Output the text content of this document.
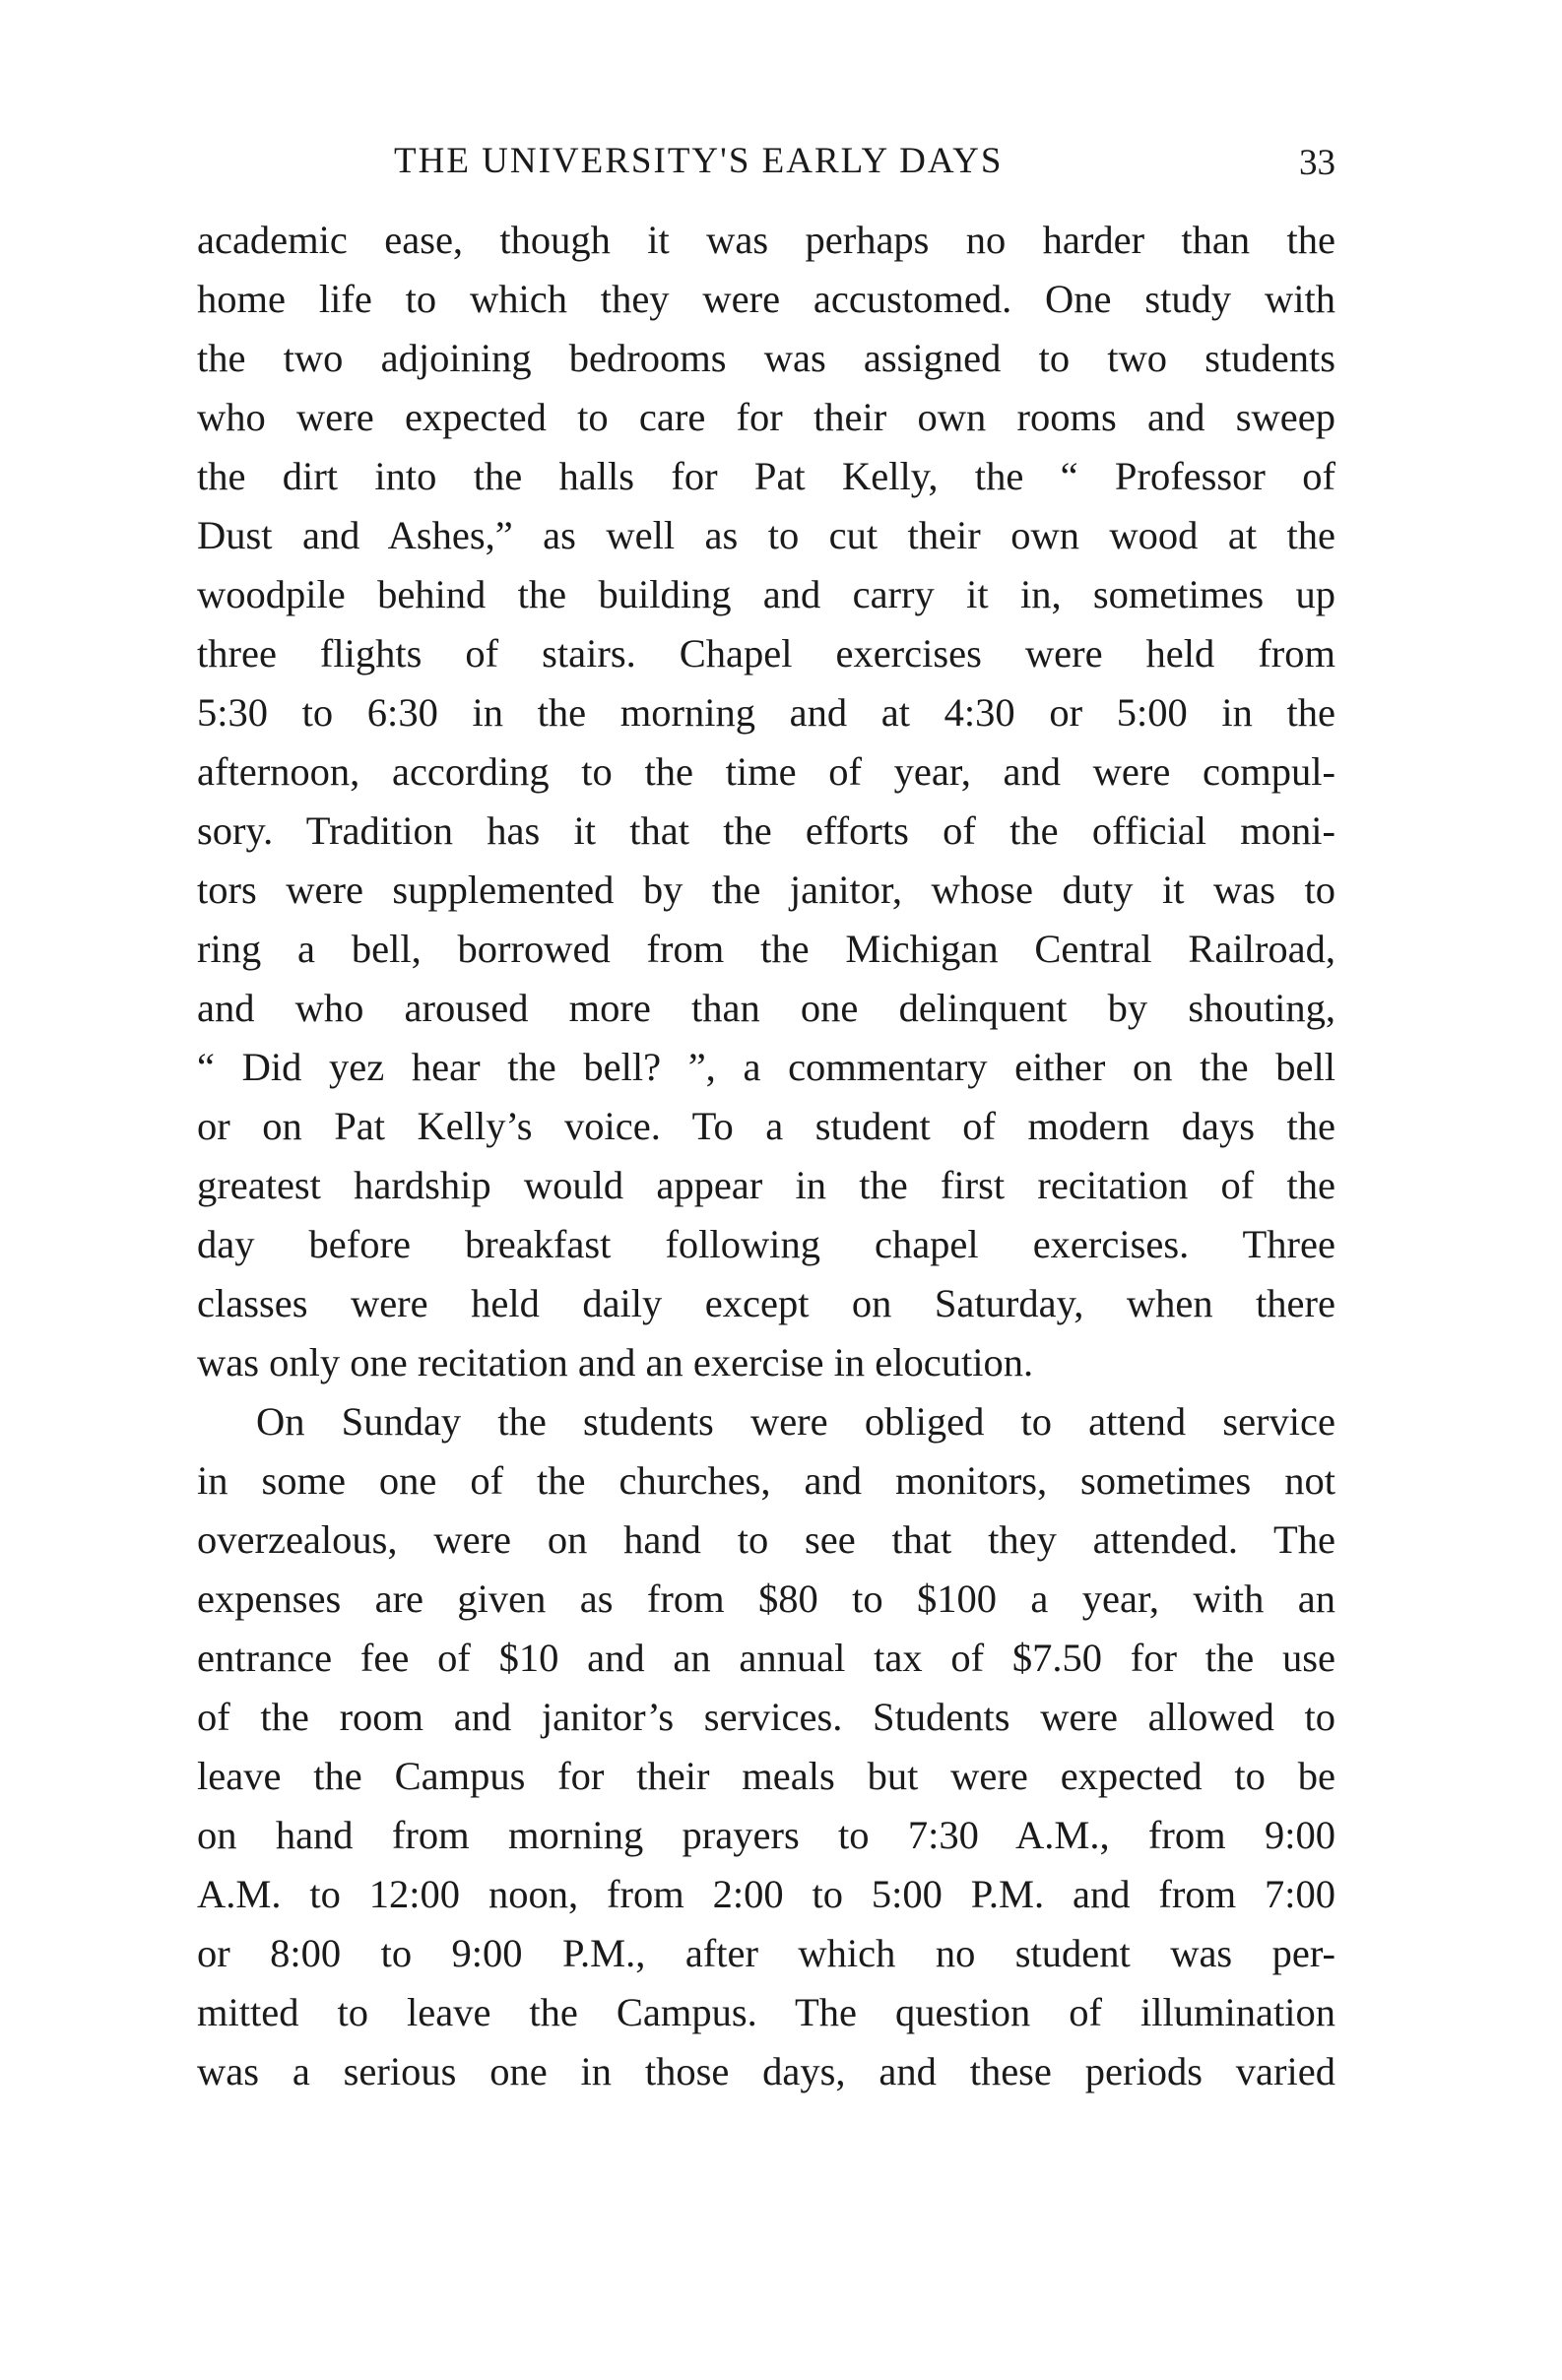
THE UNIVERSITY'S EARLY DAYS	33
academic ease, though it was perhaps no harder than the
home life to which they were accustomed. One study with
the two adjoining bedrooms was assigned to two students
who were expected to care for their own rooms and sweep
the dirt into the halls for Pat Kelly, the “ Professor of
Dust and Ashes,” as well as to cut their own wood at the
woodpile behind the building and carry it in, sometimes up
three flights of stairs. Chapel exercises were held from
5:30 to 6:30 in the morning and at 4:30 or 5:00 in the
afternoon, according to the time of year, and were compul-
sory. Tradition has it that the efforts of the official moni-
tors were supplemented by the janitor, whose duty it was to
ring a bell, borrowed from the Michigan Central Railroad,
and who aroused more than one delinquent by shouting,
“ Did yez hear the bell? ”, a commentary either on the bell
or on Pat Kelly’s voice. To a student of modern days the
greatest hardship would appear in the first recitation of the
day before breakfast following chapel exercises. Three
classes were held daily except on Saturday, when there
was only one recitation and an exercise in elocution.
On Sunday the students were obliged to attend service
in some one of the churches, and monitors, sometimes not
overzealous, were on hand to see that they attended. The
expenses are given as from $80 to $100 a year, with an
entrance fee of $10 and an annual tax of $7.50 for the use
of the room and janitor’s services. Students were allowed to
leave the Campus for their meals but were expected to be
on hand from morning prayers to 7:30 A.M., from 9:00
A.M. to 12:00 noon, from 2:00 to 5:00 P.M. and from 7:00
or 8:00 to 9:00 P.M., after which no student was per-
mitted to leave the Campus. The question of illumination
was a serious one in those days, and these periods varied
